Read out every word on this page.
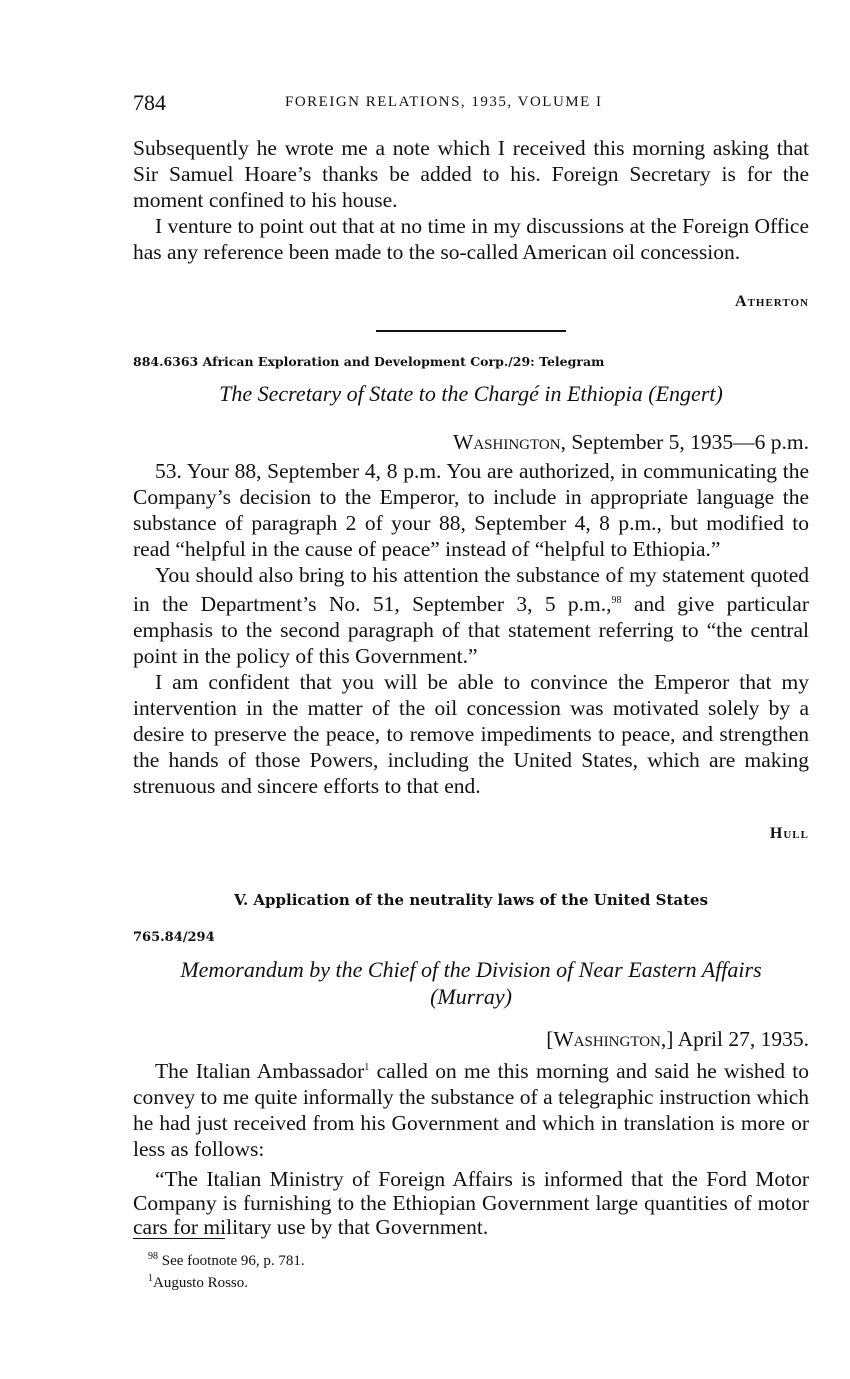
784	FOREIGN RELATIONS, 1935, VOLUME I

Subsequently he wrote me a note which I received this morning asking that Sir Samuel Hoare’s thanks be added to his. Foreign Secretary is for the moment confined to his house.

I venture to point out that at no time in my discussions at the Foreign Office has any reference been made to the so-called American oil concession.

Atherton
884.6363 African Exploration and Development Corp./29: Telegram
The Secretary of State to the Chargé in Ethiopia (Engert)
Washington, September 5, 1935—6 p.m.

53. Your 88, September 4, 8 p.m. You are authorized, in communicating the Company’s decision to the Emperor, to include in appropriate language the substance of paragraph 2 of your 88, September 4, 8 p.m., but modified to read “helpful in the cause of peace” instead of “helpful to Ethiopia.”

You should also bring to his attention the substance of my statement quoted in the Department’s No. 51, September 3, 5 p.m.,$^{98}$ and give particular emphasis to the second paragraph of that statement referring to “the central point in the policy of this Government.”

I am confident that you will be able to convince the Emperor that my intervention in the matter of the oil concession was motivated solely by a desire to preserve the peace, to remove impediments to peace, and strengthen the hands of those Powers, including the United States, which are making strenuous and sincere efforts to that end.

Hull
V. Application of the neutrality laws of the United States
765.84/294
Memorandum by the Chief of the Division of Near Eastern Affairs
(Murray)
[Washington,] April 27, 1935.

The Italian Ambassador$^1$ called on me this morning and said he wished to convey to me quite informally the substance of a telegraphic instruction which he had just received from his Government and which in translation is more or less as follows:

“The Italian Ministry of Foreign Affairs is informed that the Ford Motor Company is furnishing to the Ethiopian Government large quantities of motor cars for military use by that Government.

$^{98}$ See footnote 96, p. 781.
$^1$Augusto Rosso.
